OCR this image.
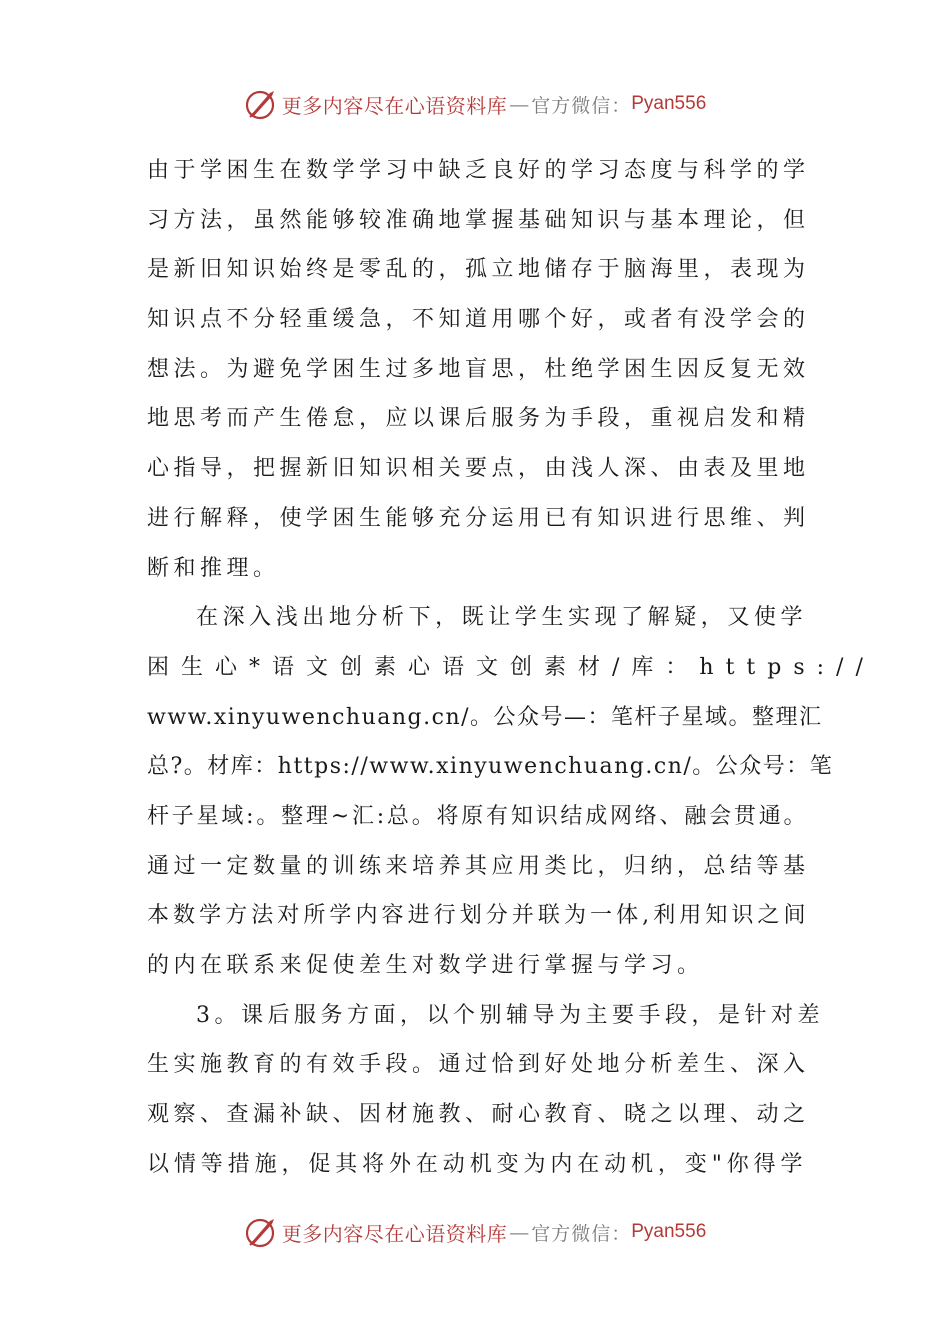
更多内容尽在心语资料库 — 官方微信： Pyan556
由于学困生在数学学习中缺乏良好的学习态度与科学的学
习方法，虽然能够较准确地掌握基础知识与基本理论，但
是新旧知识始终是零乱的，孤立地储存于脑海里，表现为
知识点不分轻重缓急，不知道用哪个好，或者有没学会的
想法。为避免学困生过多地盲思，杜绝学困生因反复无效
地思考而产生倦怠，应以课后服务为手段，重视启发和精
心指导，把握新旧知识相关要点，由浅人深、由表及里地
进行解释，使学困生能够充分运用已有知识进行思维、判
断和推理。
在深入浅出地分析下，既让学生实现了解疑，又使学
困生心*语文创素心语文创素材/库：https://
www.xinyuwenchuang.cn/。公众号—：笔杆子星域。整理汇
总?。材库：https://www.xinyuwenchuang.cn/。公众号：笔
杆子星域:。整理~汇:总。将原有知识结成网络、融会贯通。
通过一定数量的训练来培养其应用类比，归纳，总结等基
本数学方法对所学内容进行划分并联为一体,利用知识之间
的内在联系来促使差生对数学进行掌握与学习。
3。课后服务方面，以个别辅导为主要手段，是针对差
生实施教育的有效手段。通过恰到好处地分析差生、深入
观察、查漏补缺、因材施教、耐心教育、晓之以理、动之
以情等措施，促其将外在动机变为内在动机，变"你得学
更多内容尽在心语资料库 — 官方微信： Pyan556
